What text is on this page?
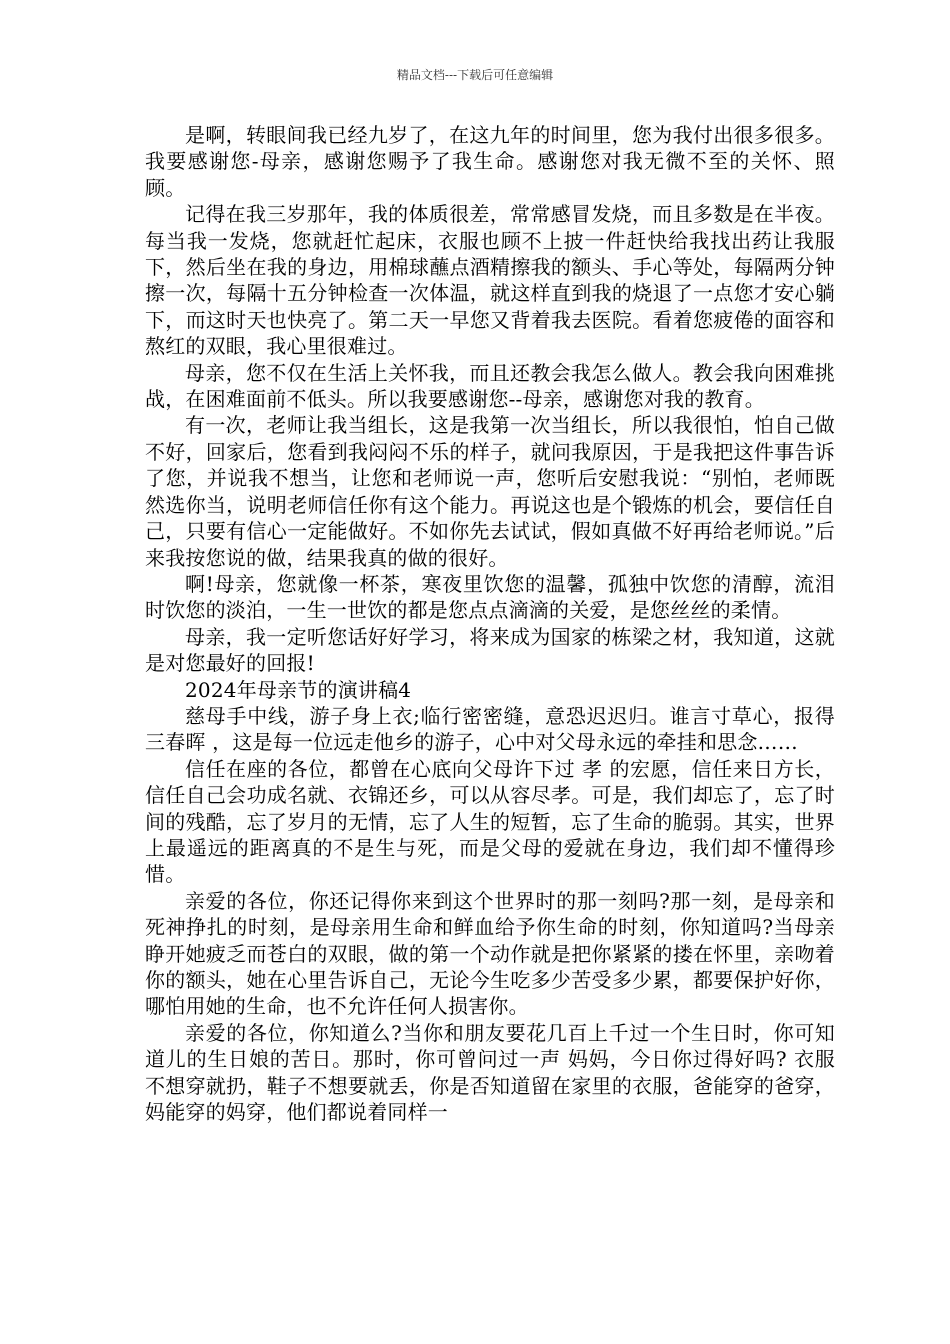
精品文档---下载后可任意编辑

是啊，转眼间我已经九岁了，在这九年的时间里，您为我付出很多很多。我要感谢您-母亲，感谢您赐予了我生命。感谢您对我无微不至的关怀、照顾。

记得在我三岁那年，我的体质很差，常常感冒发烧，而且多数是在半夜。每当我一发烧，您就赶忙起床，衣服也顾不上披一件赶快给我找出药让我服下，然后坐在我的身边，用棉球蘸点酒精擦我的额头、手心等处，每隔两分钟擦一次，每隔十五分钟检查一次体温，就这样直到我的烧退了一点您才安心躺下，而这时天也快亮了。第二天一早您又背着我去医院。看着您疲倦的面容和熬红的双眼，我心里很难过。

母亲，您不仅在生活上关怀我，而且还教会我怎么做人。教会我向困难挑战，在困难面前不低头。所以我要感谢您--母亲，感谢您对我的教育。

有一次，老师让我当组长，这是我第一次当组长，所以我很怕，怕自己做不好，回家后，您看到我闷闷不乐的样子，就问我原因，于是我把这件事告诉了您，并说我不想当，让您和老师说一声，您听后安慰我说：“别怕，老师既然选你当，说明老师信任你有这个能力。再说这也是个锻炼的机会，要信任自己，只要有信心一定能做好。不如你先去试试，假如真做不好再给老师说。”后来我按您说的做，结果我真的做的很好。

啊!母亲，您就像一杯茶，寒夜里饮您的温馨，孤独中饮您的清醇，流泪时饮您的淡泊，一生一世饮的都是您点点滴滴的关爱，是您丝丝的柔情。

母亲，我一定听您话好好学习，将来成为国家的栋梁之材，我知道，这就是对您最好的回报!

2024年母亲节的演讲稿4

慈母手中线，游子身上衣;临行密密缝，意恐迟迟归。谁言寸草心，报得三春晖 ，这是每一位远走他乡的游子，心中对父母永远的牵挂和思念……

信任在座的各位，都曾在心底向父母许下过 孝 的宏愿，信任来日方长，信任自己会功成名就、衣锦还乡，可以从容尽孝。可是，我们却忘了，忘了时间的残酷，忘了岁月的无情，忘了人生的短暂，忘了生命的脆弱。其实，世界上最遥远的距离真的不是生与死，而是父母的爱就在身边，我们却不懂得珍惜。

亲爱的各位，你还记得你来到这个世界时的那一刻吗?那一刻，是母亲和死神挣扎的时刻，是母亲用生命和鲜血给予你生命的时刻，你知道吗?当母亲睁开她疲乏而苍白的双眼，做的第一个动作就是把你紧紧的搂在怀里，亲吻着你的额头，她在心里告诉自己，无论今生吃多少苦受多少累，都要保护好你，哪怕用她的生命，也不允许任何人损害你。

亲爱的各位，你知道么?当你和朋友要花几百上千过一个生日时，你可知道儿的生日娘的苦日。那时，你可曾问过一声 妈妈，今日你过得好吗? 衣服不想穿就扔，鞋子不想要就丢，你是否知道留在家里的衣服，爸能穿的爸穿，妈能穿的妈穿，他们都说着同样一
